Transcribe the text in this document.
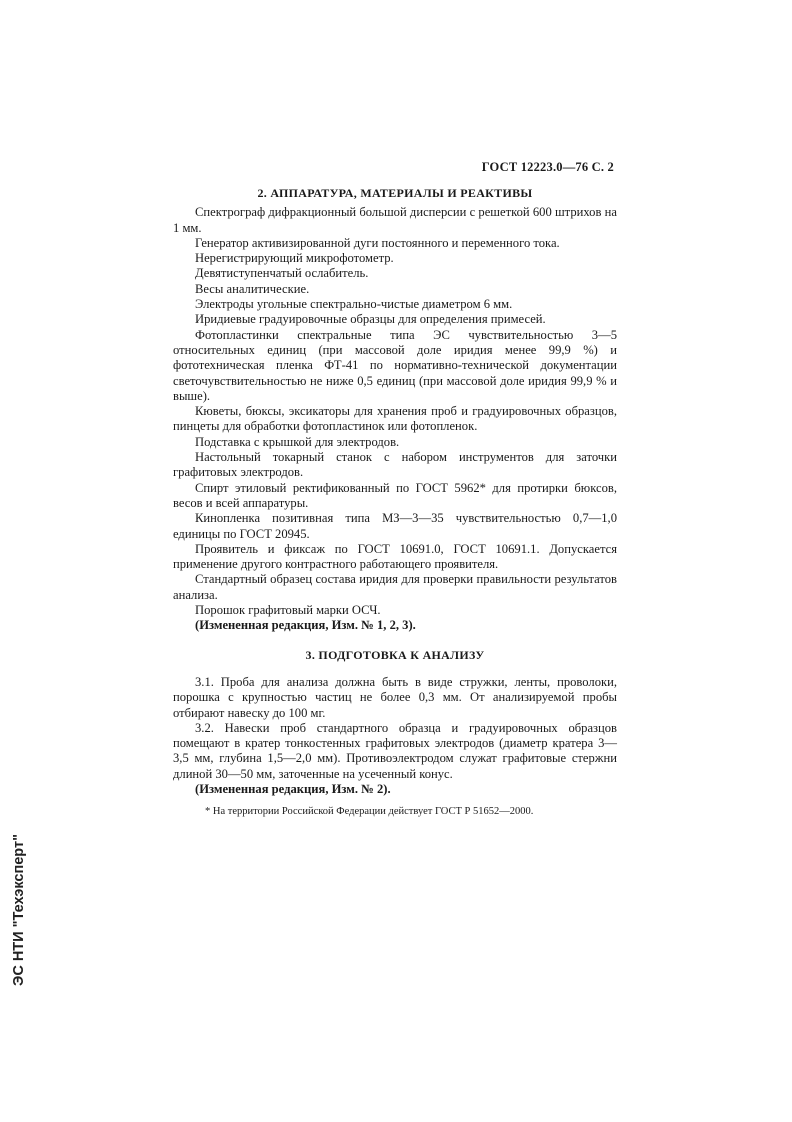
ГОСТ 12223.0—76 С. 2
2. АППАРАТУРА, МАТЕРИАЛЫ И РЕАКТИВЫ

Спектрограф дифракционный большой дисперсии с решеткой 600 штрихов на 1 мм.

Генератор активизированной дуги постоянного и переменного тока.

Нерегистрирующий микрофотометр.

Девятиступенчатый ослабитель.

Весы аналитические.

Электроды угольные спектрально-чистые диаметром 6 мм.

Иридиевые градуировочные образцы для определения примесей.

Фотопластинки спектральные типа ЭС чувствительностью 3—5 относительных единиц (при массовой доле иридия менее 99,9 %) и фототехническая пленка ФТ-41 по нормативно-технической документации светочувствительностью не ниже 0,5 единиц (при массовой доле иридия 99,9 % и выше).

Кюветы, бюксы, эксикаторы для хранения проб и градуировочных образцов, пинцеты для обработки фотопластинок или фотопленок.

Подставка с крышкой для электродов.

Настольный токарный станок с набором инструментов для заточки графитовых электродов.

Спирт этиловый ректификованный по ГОСТ 5962* для протирки бюксов, весов и всей аппаратуры.

Кинопленка позитивная типа МЗ—3—35 чувствительностью 0,7—1,0 единицы по ГОСТ 20945.

Проявитель и фиксаж по ГОСТ 10691.0, ГОСТ 10691.1. Допускается применение другого контрастного работающего проявителя.

Стандартный образец состава иридия для проверки правильности результатов анализа.

Порошок графитовый марки ОСЧ.

(Измененная редакция, Изм. № 1, 2, 3).

3. ПОДГОТОВКА К АНАЛИЗУ

3.1. Проба для анализа должна быть в виде стружки, ленты, проволоки, порошка с крупностью частиц не более 0,3 мм. От анализируемой пробы отбирают навеску до 100 мг.

3.2. Навески проб стандартного образца и градуировочных образцов помещают в кратер тонкостенных графитовых электродов (диаметр кратера 3—3,5 мм, глубина 1,5—2,0 мм). Противоэлектродом служат графитовые стержни длиной 30—50 мм, заточенные на усеченный конус.

(Измененная редакция, Изм. № 2).

* На территории Российской Федерации действует ГОСТ Р 51652—2000.
ЭС НТИ "Техэксперт"
